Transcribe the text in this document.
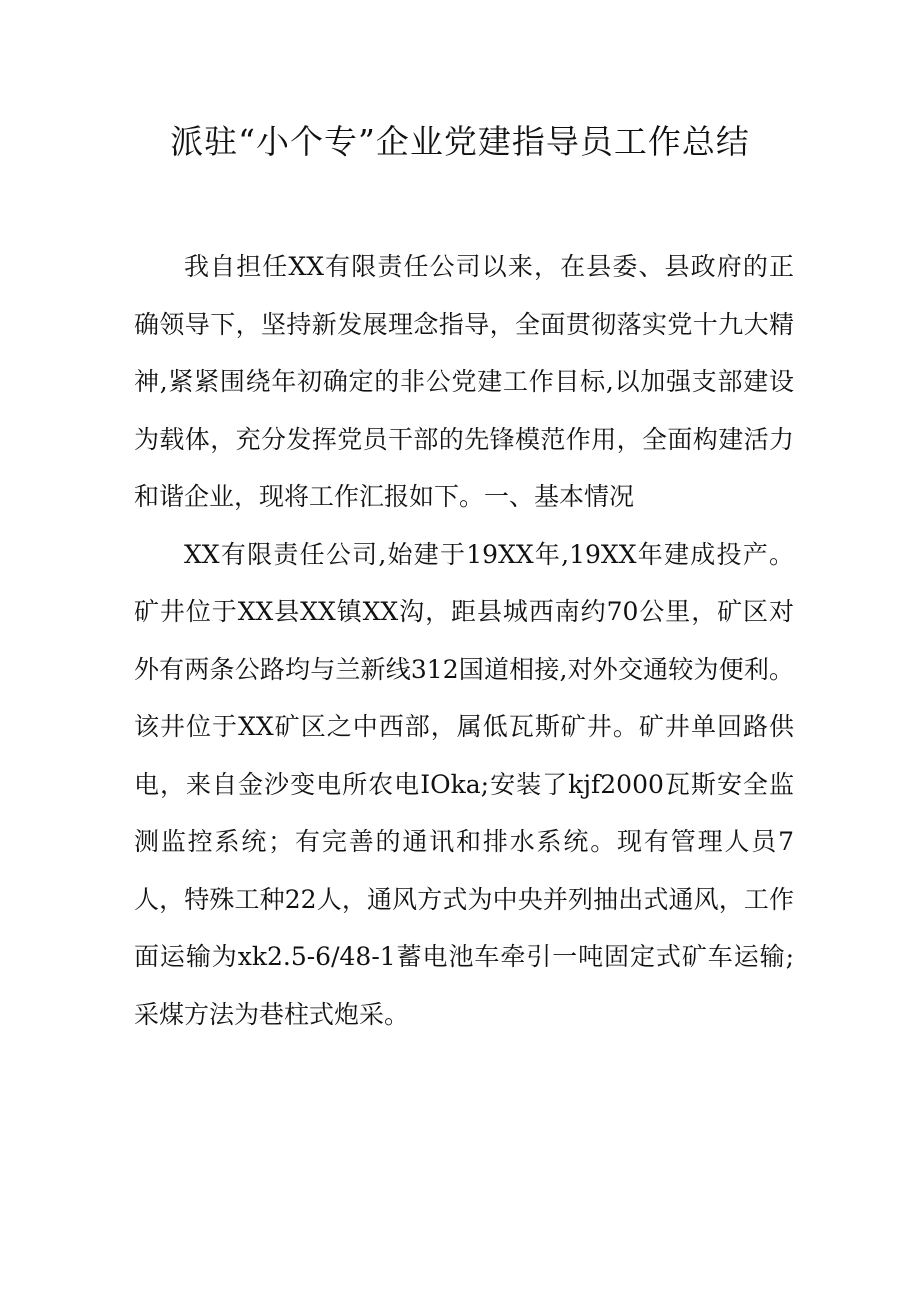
派驻“小个专”企业党建指导员工作总结

我自担任XX有限责任公司以来，在县委、县政府的正确领导下，坚持新发展理念指导，全面贯彻落实党十九大精神,紧紧围绕年初确定的非公党建工作目标,以加强支部建设为载体，充分发挥党员干部的先锋模范作用，全面构建活力和谐企业，现将工作汇报如下。一、基本情况

XX有限责任公司,始建于19XX年,19XX年建成投产。矿井位于XX县XX镇XX沟，距县城西南约70公里，矿区对外有两条公路均与兰新线312国道相接,对外交通较为便利。该井位于XX矿区之中西部，属低瓦斯矿井。矿井单回路供电，来自金沙变电所农电IOka;安装了kjf2000瓦斯安全监测监控系统；有完善的通讯和排水系统。现有管理人员7人，特殊工种22人，通风方式为中央并列抽出式通风，工作面运输为xk2.5-6/48-1蓄电池车牵引一吨固定式矿车运输;采煤方法为巷柱式炮采。
